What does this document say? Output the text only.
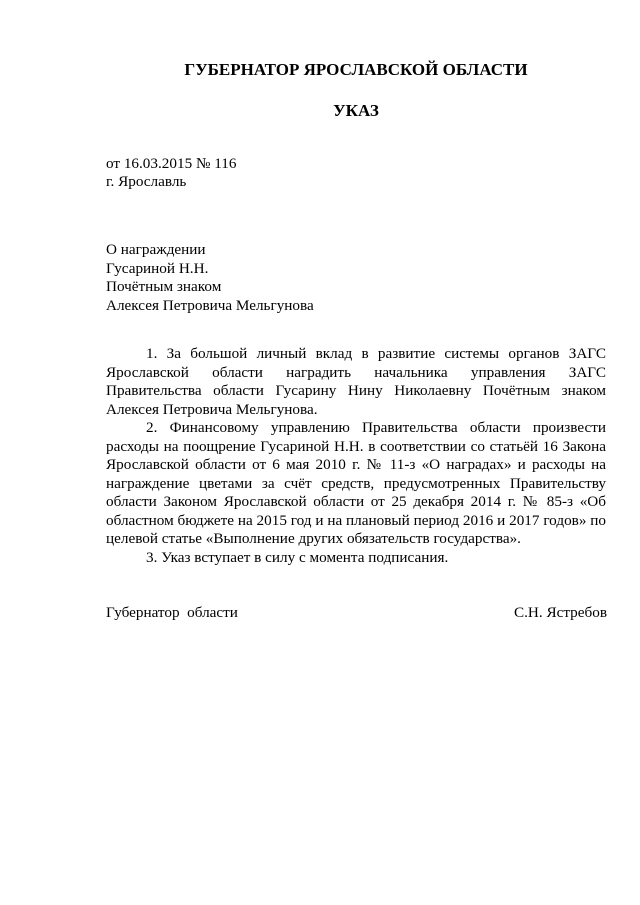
ГУБЕРНАТОР ЯРОСЛАВСКОЙ ОБЛАСТИ
УКАЗ
от 16.03.2015 № 116
г. Ярославль
О награждении
Гусариной Н.Н.
Почётным знаком
Алексея Петровича Мельгунова

1. За большой личный вклад в развитие системы органов ЗАГС Ярославской области наградить начальника управления ЗАГС Правительства области Гусарину Нину Николаевну Почётным знаком Алексея Петровича Мельгунова.

2. Финансовому управлению Правительства области произвести расходы на поощрение Гусариной Н.Н. в соответствии со статьёй 16 Закона Ярославской области от 6 мая 2010 г. № 11-з «О наградах» и расходы на награждение цветами за счёт средств, предусмотренных Правительству области Законом Ярославской области от 25 декабря 2014 г. № 85-з «Об областном бюджете на 2015 год и на плановый период 2016 и 2017 годов» по целевой статье «Выполнение других обязательств государства».

3. Указ вступает в силу с момента подписания.

Губернатор  области	С.Н. Ястребов
